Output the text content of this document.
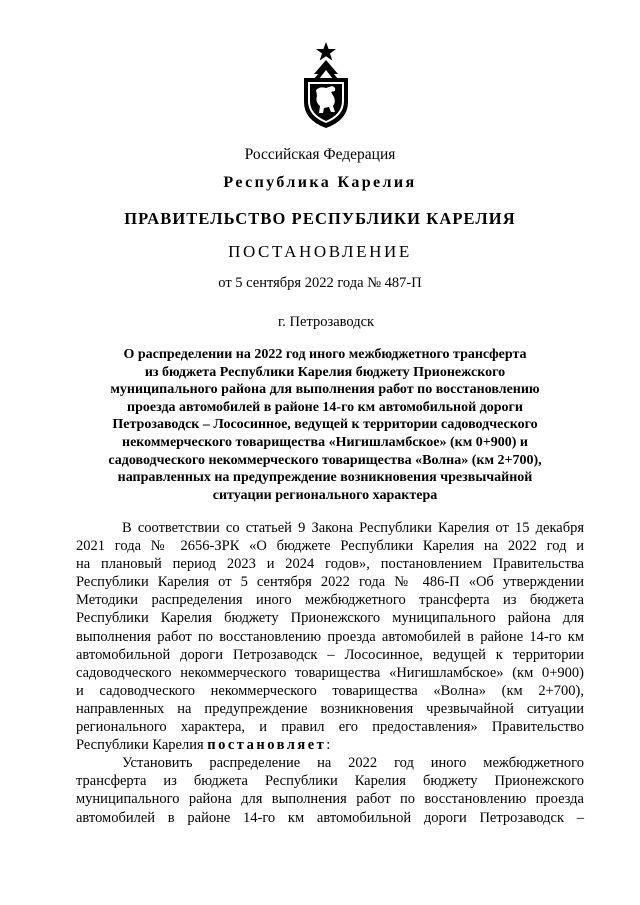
Российская Федерация
Республика Карелия
ПРАВИТЕЛЬСТВО РЕСПУБЛИКИ КАРЕЛИЯ
ПОСТАНОВЛЕНИЕ
от 5 сентября 2022 года № 487-П
г. Петрозаводск
О распределении на 2022 год иного межбюджетного трансферта
из бюджета Республики Карелия бюджету Прионежского
муниципального района для выполнения работ по восстановлению
проезда автомобилей в районе 14-го км автомобильной дороги
Петрозаводск – Лососинное, ведущей к территории садоводческого
некоммерческого товарищества «Нигишламбское» (км 0+900) и
садоводческого некоммерческого товарищества «Волна» (км 2+700),
направленных на предупреждение возникновения чрезвычайной
ситуации регионального характера
В соответствии со статьей 9 Закона Республики Карелия от 15 декабря
2021 года № 2656-ЗРК «О бюджете Республики Карелия на 2022 год и
на плановый период 2023 и 2024 годов», постановлением Правительства
Республики Карелия от 5 сентября 2022 года № 486-П «Об утверждении
Методики распределения иного межбюджетного трансферта из бюджета
Республики Карелия бюджету Прионежского муниципального района для
выполнения работ по восстановлению проезда автомобилей в районе 14-го км
автомобильной дороги Петрозаводск – Лососинное, ведущей к территории
садоводческого некоммерческого товарищества «Нигишламбское» (км 0+900)
и садоводческого некоммерческого товарищества «Волна» (км 2+700),
направленных на предупреждение возникновения чрезвычайной ситуации
регионального характера, и правил его предоставления» Правительство
Республики Карелия постановляет:
Установить распределение на 2022 год иного межбюджетного
трансферта из бюджета Республики Карелия бюджету Прионежского
муниципального района для выполнения работ по восстановлению проезда
автомобилей в районе 14-го км автомобильной дороги Петрозаводск –
